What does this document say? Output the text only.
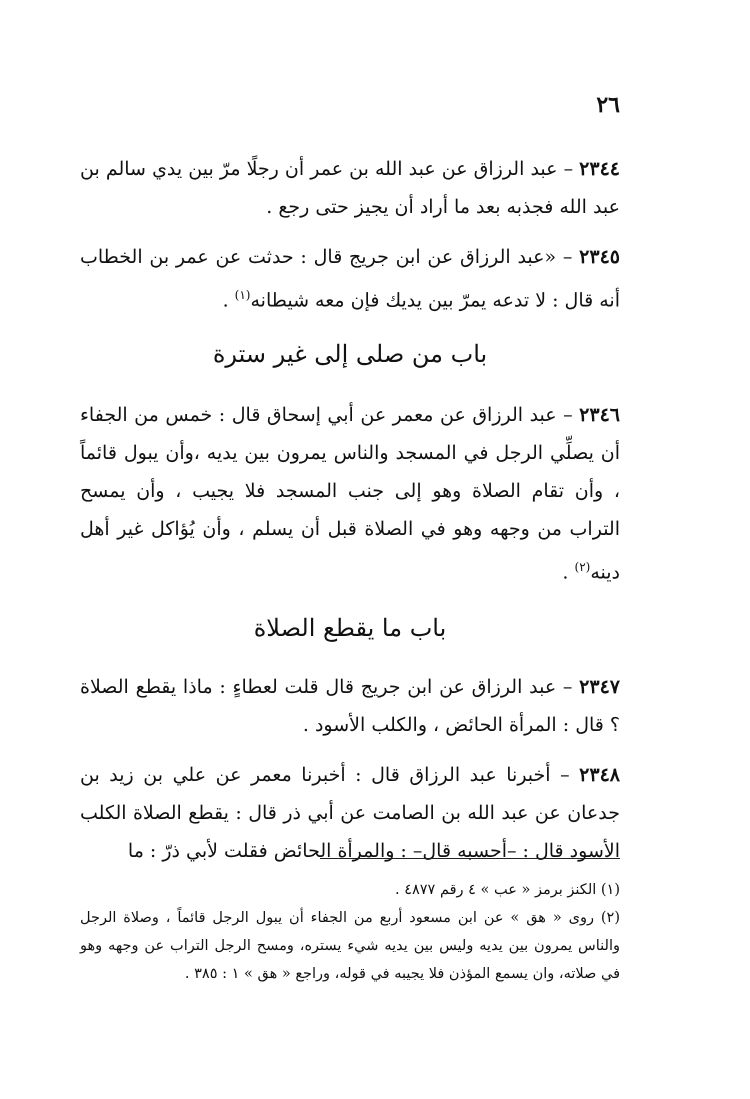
٢٦

٢٣٤٤ – عبد الرزاق عن عبد الله بن عمر أن رجلًا مرّ بين يدي سالم بن عبد الله فجذبه بعد ما أراد أن يجيز حتى رجع .

٢٣٤٥ – «عبد الرزاق عن ابن جريج قال : حدثت عن عمر بن الخطاب أنه قال : لا تدعه يمرّ بين يديك فإن معه شيطانه$^{(١)}$ .

باب من صلى إلى غير سترة

٢٣٤٦ – عبد الرزاق عن معمر عن أبي إسحاق قال : خمس من الجفاء أن يصلِّي الرجل في المسجد والناس يمرون بين يديه ،وأن يبول قائماً ، وأن تقام الصلاة وهو إلى جنب المسجد فلا يجيب ، وأن يمسح التراب من وجهه وهو في الصلاة قبل أن يسلم ، وأن يُؤاكل غير أهل دينه$^{(٢)}$ .

باب ما يقطع الصلاة

٢٣٤٧ – عبد الرزاق عن ابن جريج قال قلت لعطاءٍ : ماذا يقطع الصلاة ؟ قال : المرأة الحائض ، والكلب الأسود .

٢٣٤٨ – أخبرنا عبد الرزاق قال : أخبرنا معمر عن علي بن زيد بن جدعان عن عبد الله بن الصامت عن أبي ذر قال : يقطع الصلاة الكلب الأسود قال : –أحسبه قال– : والمرأة الحائض فقلت لأبي ذرّ : ما

(١) الكنز برمز « عب » ٤ رقم ٤٨٧٧ .

(٢) روى « هق » عن ابن مسعود أربع من الجفاء أن يبول الرجل قائماً ، وصلاة الرجل والناس يمرون بين يديه وليس بين يديه شيء يستره، ومسح الرجل التراب عن وجهه وهو في صلاته، وان يسمع المؤذن فلا يجيبه في قوله، وراجع « هق » ١ : ٣٨٥ .
